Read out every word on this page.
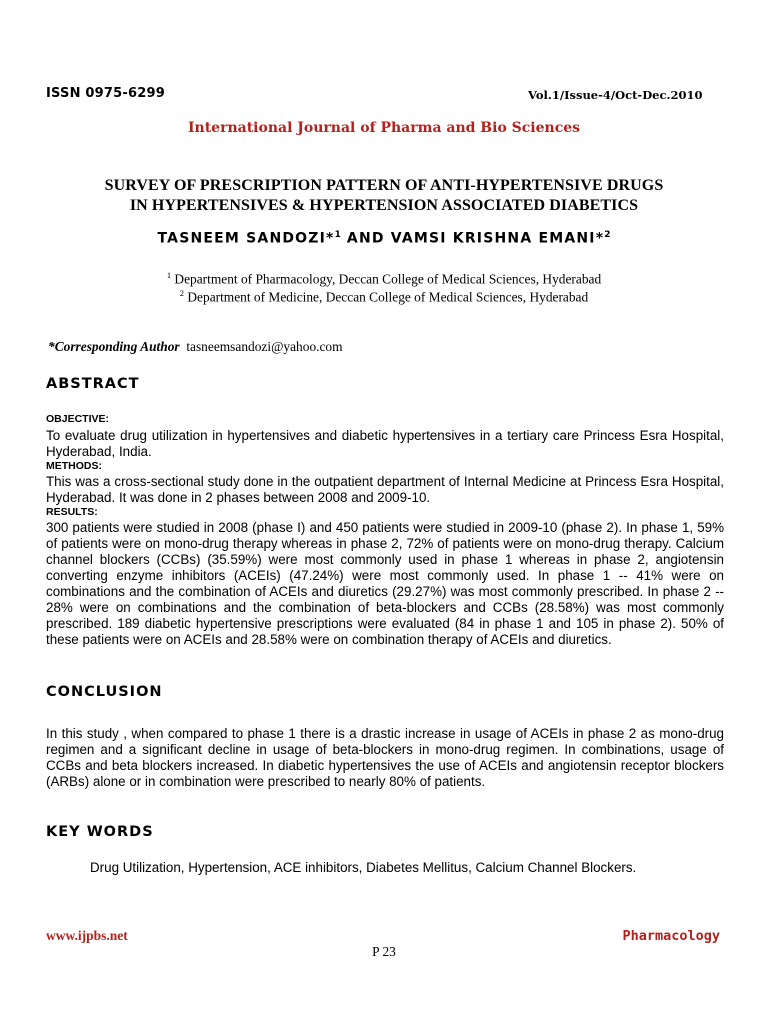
ISSN 0975-6299	Vol.1/Issue-4/Oct-Dec.2010
International Journal of Pharma and Bio Sciences
SURVEY OF PRESCRIPTION PATTERN OF ANTI-HYPERTENSIVE DRUGS
IN HYPERTENSIVES & HYPERTENSION ASSOCIATED DIABETICS
TASNEEM SANDOZI*$^1$ AND VAMSI KRISHNA EMANI*$^2$
$^1$ Department of Pharmacology, Deccan College of Medical Sciences, Hyderabad
$^2$ Department of Medicine, Deccan College of Medical Sciences, Hyderabad
*Corresponding Author tasneemsandozi@yahoo.com
ABSTRACT
OBJECTIVE:

To evaluate drug utilization in hypertensives and diabetic hypertensives in a tertiary care Princess Esra Hospital, Hyderabad, India.

METHODS:

This was a cross-sectional study done in the outpatient department of Internal Medicine at Princess Esra Hospital, Hyderabad. It was done in 2 phases between 2008 and 2009-10.

RESULTS:

300 patients were studied in 2008 (phase I) and 450 patients were studied in 2009-10 (phase 2). In phase 1, 59% of patients were on mono-drug therapy whereas in phase 2, 72% of patients were on mono-drug therapy. Calcium channel blockers (CCBs) (35.59%) were most commonly used in phase 1 whereas in phase 2, angiotensin converting enzyme inhibitors (ACEIs) (47.24%) were most commonly used. In phase 1 -- 41% were on combinations and the combination of ACEIs and diuretics (29.27%) was most commonly prescribed. In phase 2 -- 28% were on combinations and the combination of beta-blockers and CCBs (28.58%) was most commonly prescribed. 189 diabetic hypertensive prescriptions were evaluated (84 in phase 1 and 105 in phase 2). 50% of these patients were on ACEIs and 28.58% were on combination therapy of ACEIs and diuretics.

CONCLUSION

In this study , when compared to phase 1 there is a drastic increase in usage of ACEIs in phase 2 as mono-drug regimen and a significant decline in usage of beta-blockers in mono-drug regimen. In combinations, usage of CCBs and beta blockers increased. In diabetic hypertensives the use of ACEIs and angiotensin receptor blockers (ARBs) alone or in combination were prescribed to nearly 80% of patients.

KEY WORDS
Drug Utilization, Hypertension, ACE inhibitors, Diabetes Mellitus, Calcium Channel Blockers.
www.ijpbs.net	Pharmacology
P 23
